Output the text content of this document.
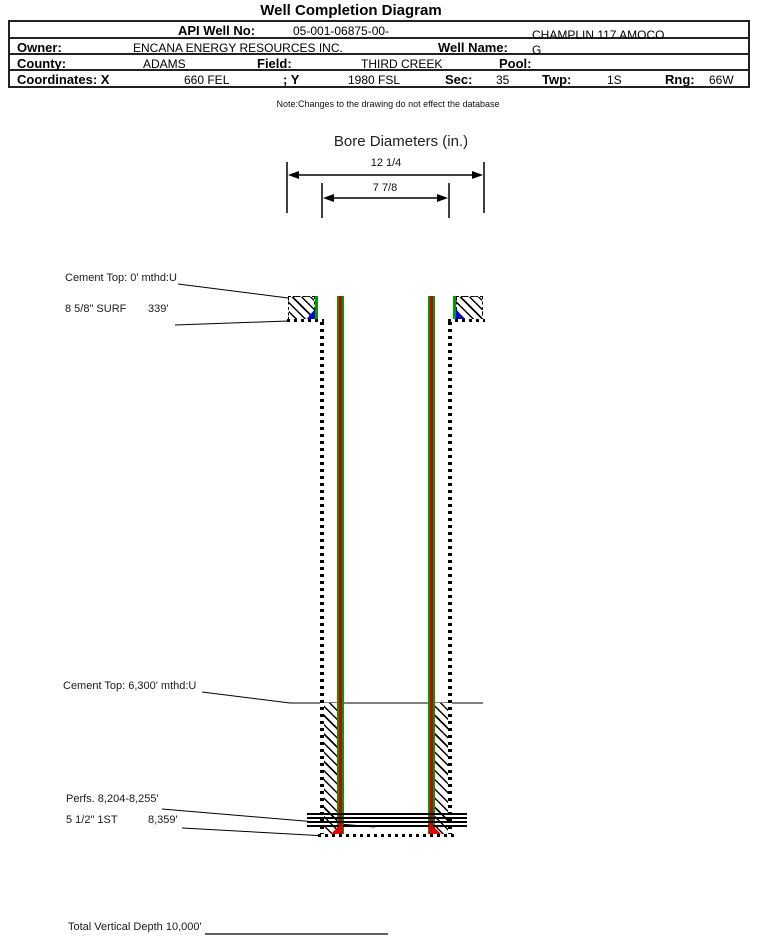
Well Completion Diagram
API Well No:	05-001-06875-00-
Owner:	ENCANA ENERGY RESOURCES INC.	Well Name:
CHAMPLIN 117 AMOCO
G
County:	ADAMS	Field:	THIRD CREEK	Pool:
Coordinates: X	660 FEL	; Y	1980 FSL	Sec: 35	Twp:	1S	Rng: 66W
Note:Changes to the drawing do not effect the database
Bore Diameters (in.)
12 1/4
7 7/8
Cement Top: 0' mthd:U
8 5/8" SURF 339'
Cement Top: 6,300' mthd:U
Perfs. 8,204-8,255'
5 1/2" 1ST	8,359'
Total Vertical Depth 10,000'
